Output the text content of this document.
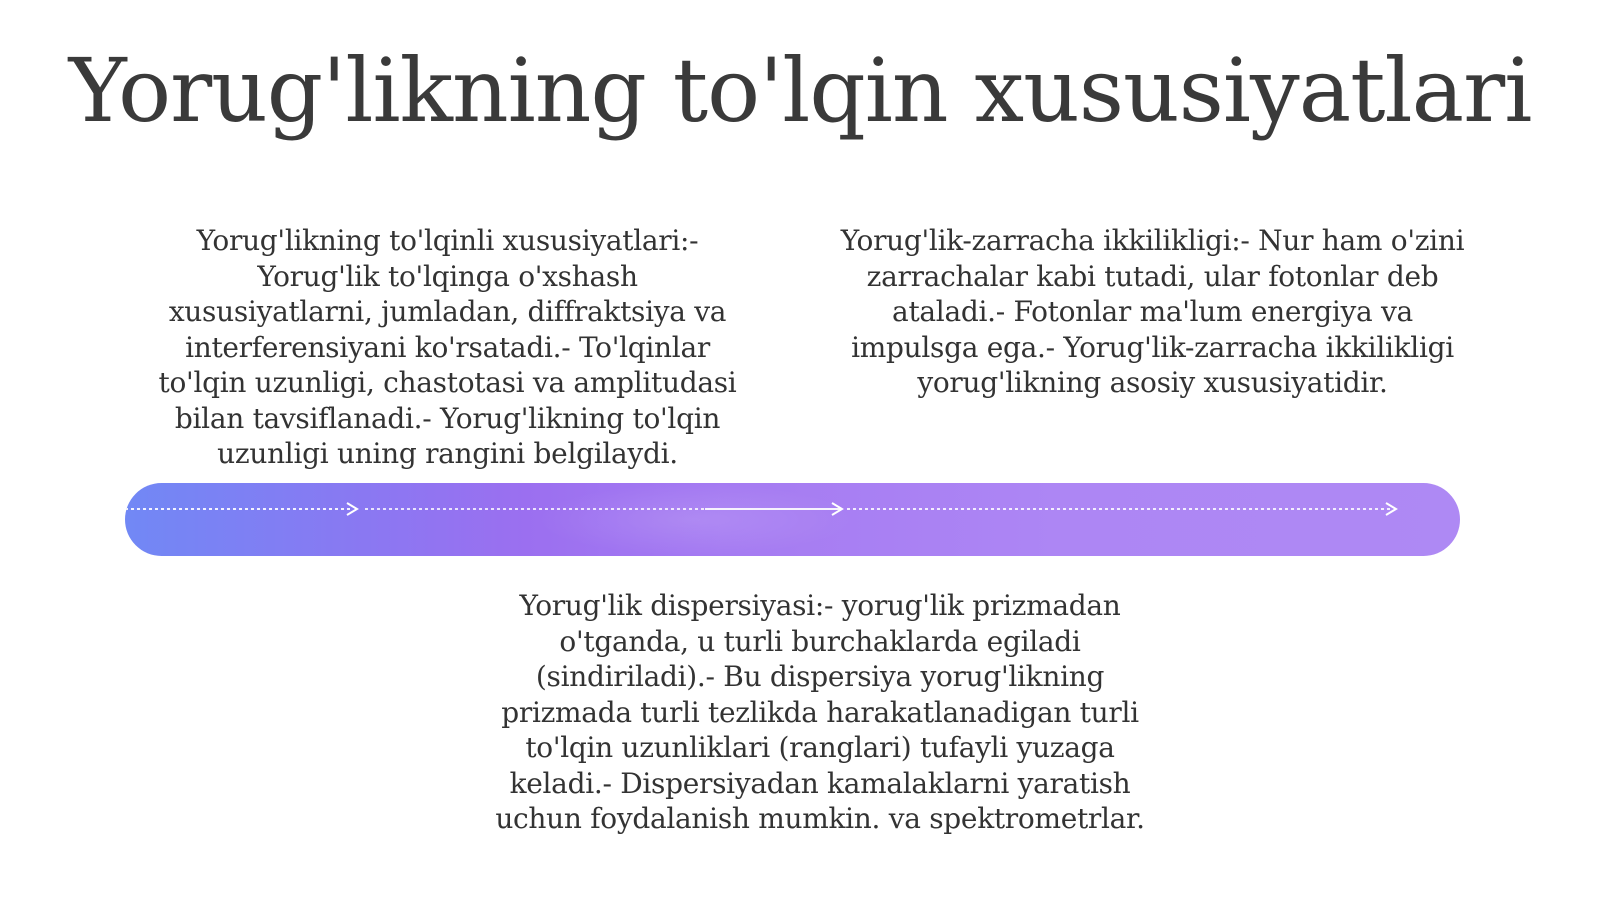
Yorug'likning to'lqin xususiyatlari
Yorug'likning to'lqinli xususiyatlari:- Yorug'lik to'lqinga o'xshash xususiyatlarni, jumladan, diffraktsiya va interferensiyani ko'rsatadi.- To'lqinlar to'lqin uzunligi, chastotasi va amplitudasi bilan tavsiflanadi.- Yorug'likning to'lqin uzunligi uning rangini belgilaydi.
Yorug'lik-zarracha ikkilikligi:- Nur ham o'zini zarrachalar kabi tutadi, ular fotonlar deb ataladi.- Fotonlar ma'lum energiya va impulsga ega.- Yorug'lik-zarracha ikkilikligi yorug'likning asosiy xususiyatidir.
Yorug'lik dispersiyasi:- yorug'lik prizmadan o'tganda, u turli burchaklarda egiladi (sindiriladi).- Bu dispersiya yorug'likning prizmada turli tezlikda harakatlanadigan turli to'lqin uzunliklari (ranglari) tufayli yuzaga keladi.- Dispersiyadan kamalaklarni yaratish uchun foydalanish mumkin. va spektrometrlar.
